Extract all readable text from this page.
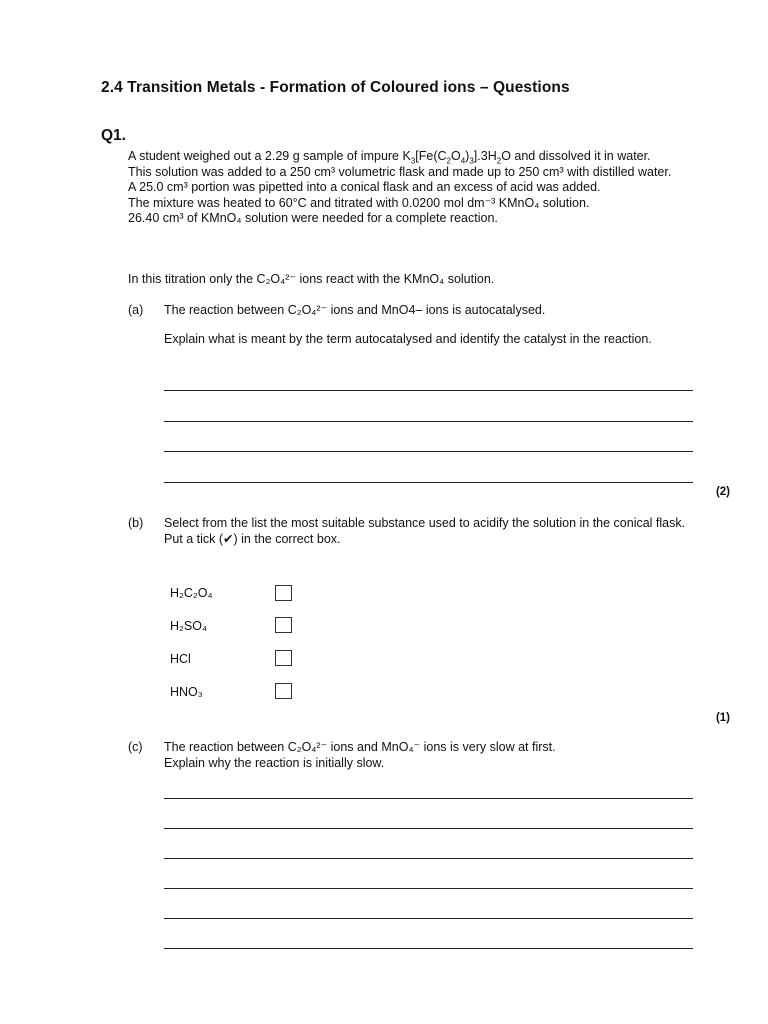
2.4 Transition Metals - Formation of Coloured ions – Questions
Q1.

A student weighed out a 2.29 g sample of impure $K_3[Fe(C_2O_4)_3].3H_2O$ and dissolved it in water.

This solution was added to a 250 cm³ volumetric flask and made up to 250 cm³ with distilled water.

A 25.0 cm³ portion was pipetted into a conical flask and an excess of acid was added.

The mixture was heated to 60°C and titrated with 0.0200 mol dm⁻³ KMnO₄ solution.

26.40 cm³ of KMnO₄ solution were needed for a complete reaction.

In this titration only the C₂O₄²⁻ ions react with the KMnO₄ solution.
(a) The reaction between C₂O₄²⁻ ions and MnO4– ions is autocatalysed.

Explain what is meant by the term autocatalysed and identify the catalyst in the reaction.

(2)
(b) Select from the list the most suitable substance used to acidify the solution in the conical flask.

Put a tick (✔) in the correct box.

H₂C₂O₄
H₂SO₄
HCl
HNO₃
(1)
(c) The reaction between C₂O₄²⁻ ions and MnO₄⁻ ions is very slow at first.

Explain why the reaction is initially slow.
